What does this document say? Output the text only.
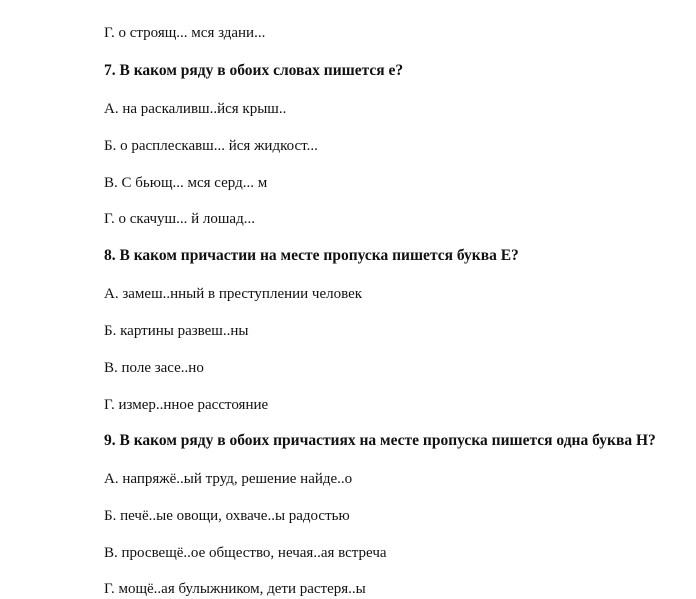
Г. о строящ... мся здани...
7. В каком ряду в обоих словах пишется е?
А. на раскаливш..йся крыш..
Б. о расплескавш... йся жидкост...
В. С бьющ... мся серд... м
Г. о скачуш... й лошад...
8. В каком причастии на месте пропуска пишется буква Е?
А. замеш..нный в преступлении человек
Б. картины развеш..ны
В. поле засе..но
Г. измер..нное расстояние
9. В каком ряду в обоих причастиях на месте пропуска пишется одна буква Н?
А. напряжё..ый труд, решение найде..о
Б. печё..ые овощи, охваче..ы радостью
В. просвещё..ое общество, нечая..ая встреча
Г. мощё..ая булыжником, дети растеря..ы
